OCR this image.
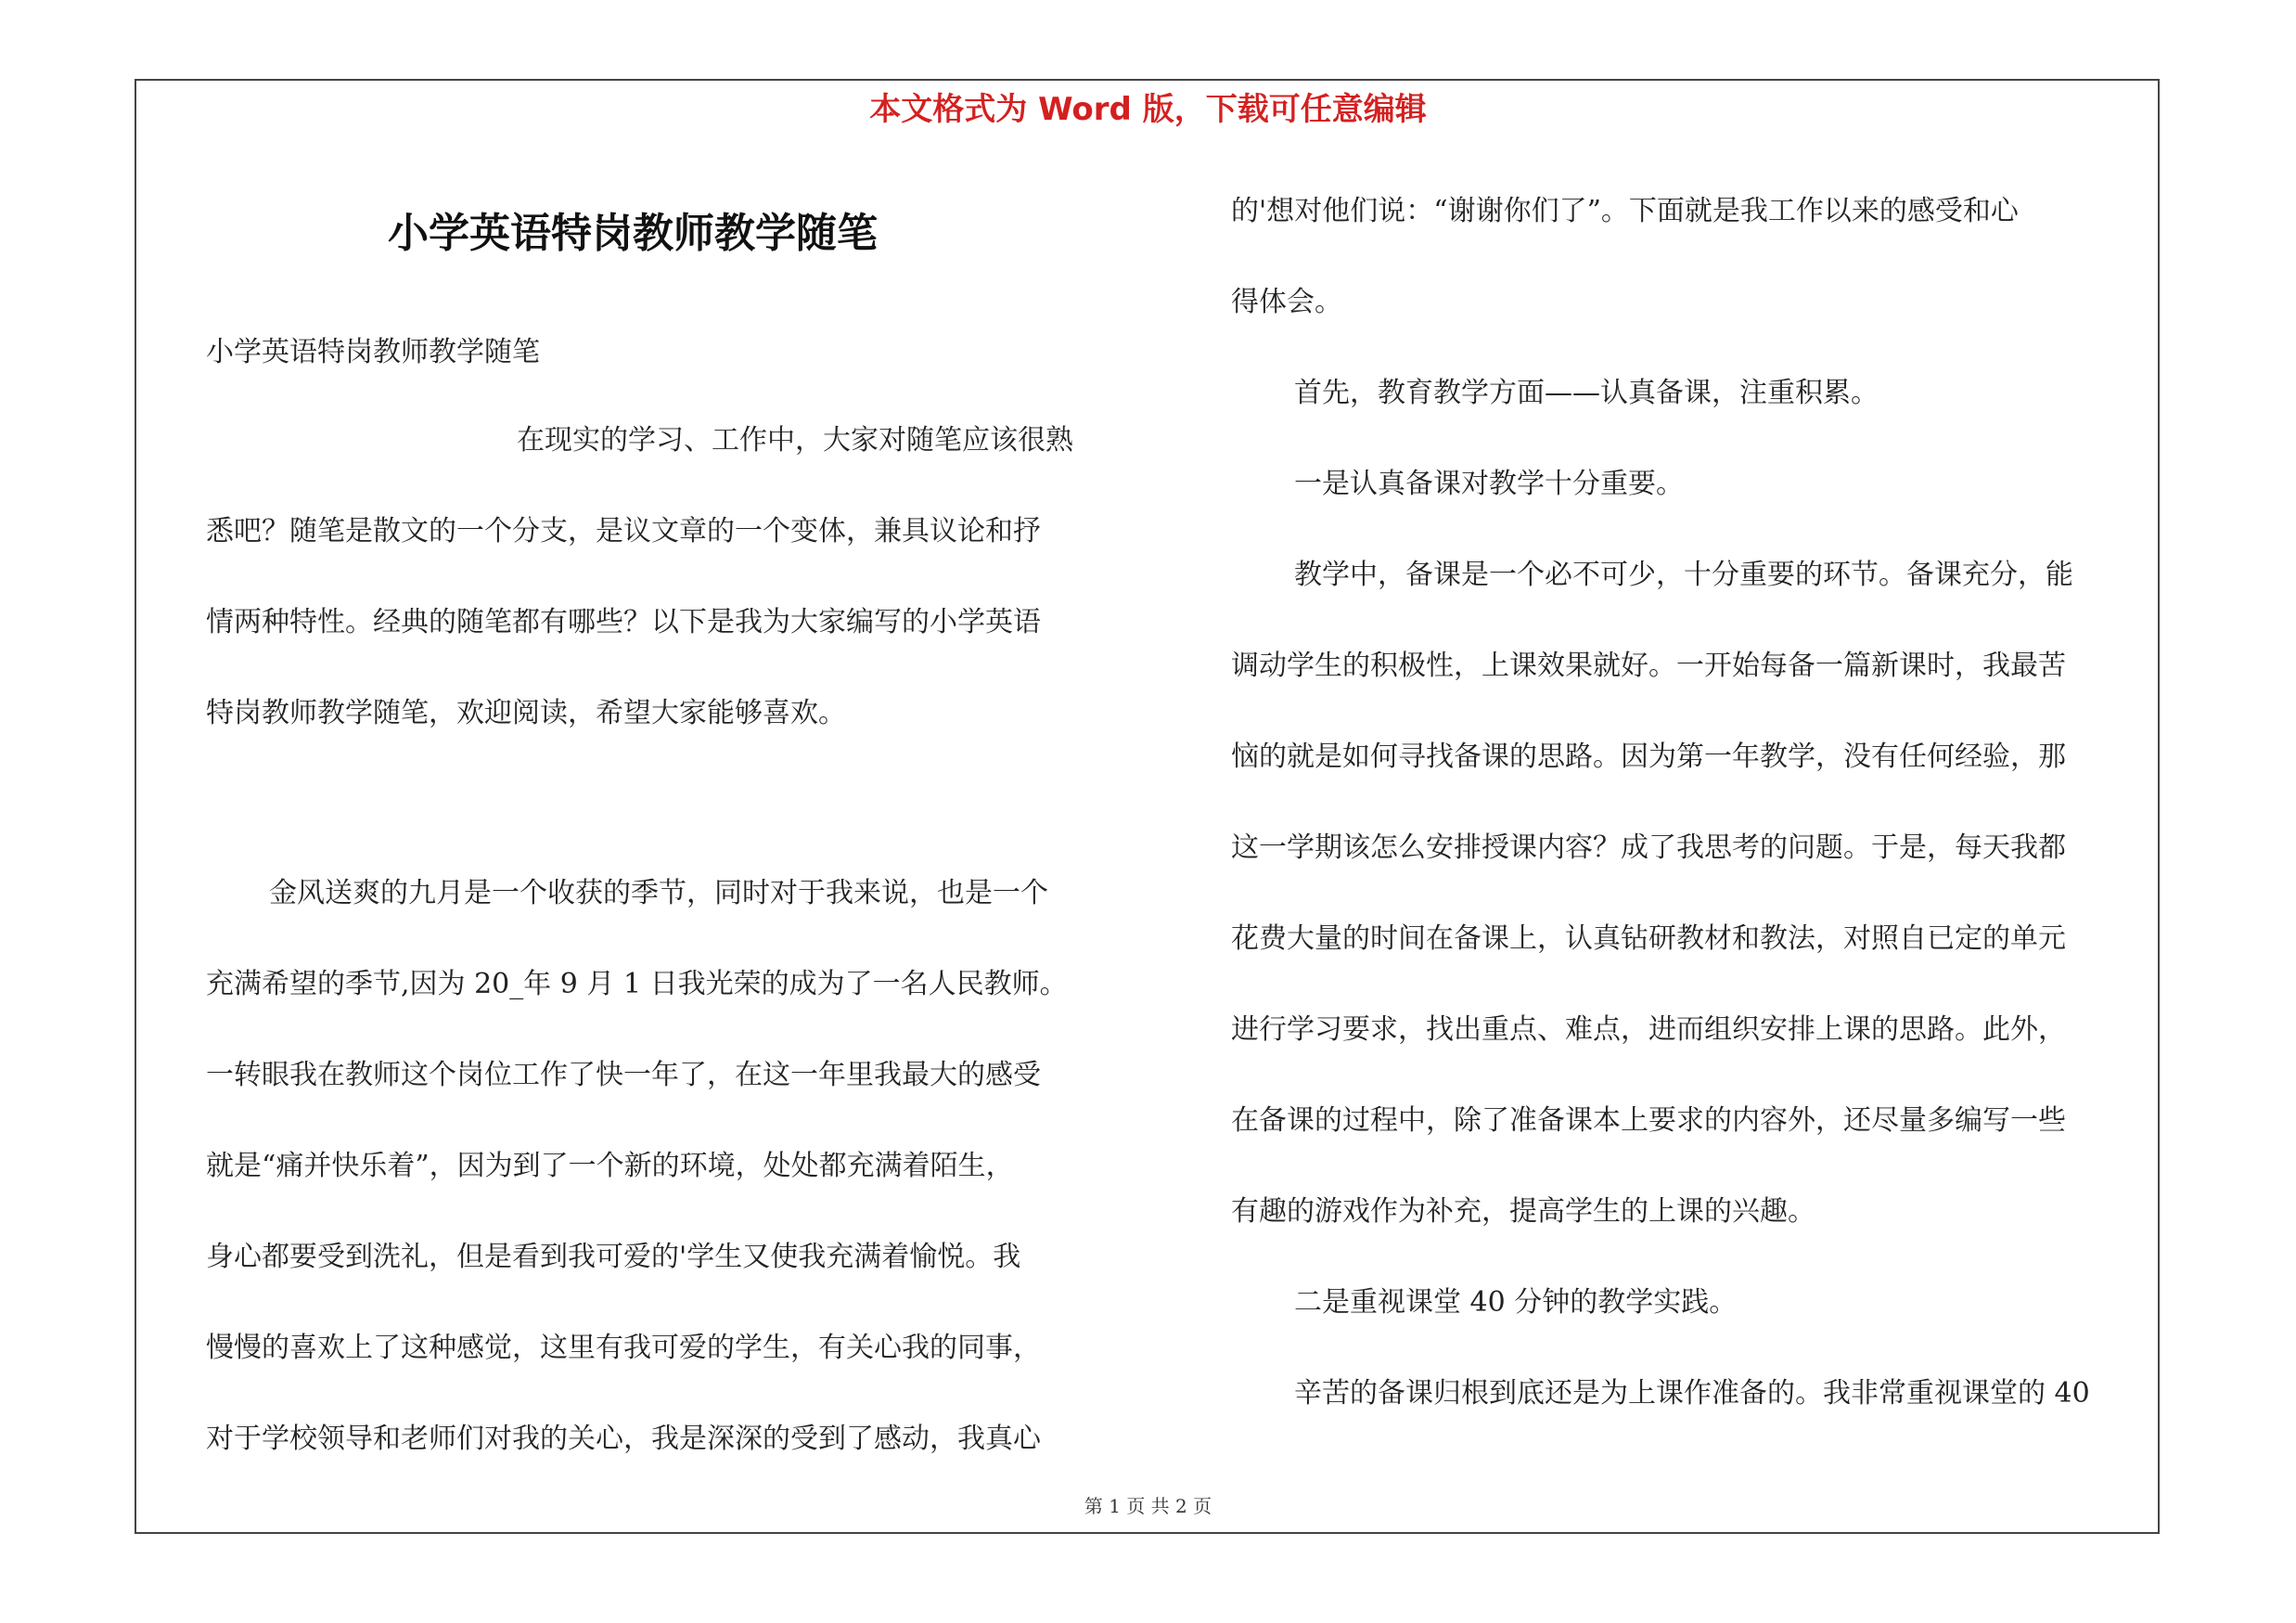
本文格式为 Word 版，下载可任意编辑
小学英语特岗教师教学随笔
小学英语特岗教师教学随笔
在现实的学习、工作中，大家对随笔应该很熟
悉吧？随笔是散文的一个分支，是议文章的一个变体，兼具议论和抒
情两种特性。经典的随笔都有哪些？以下是我为大家编写的小学英语
特岗教师教学随笔，欢迎阅读，希望大家能够喜欢。
金风送爽的九月是一个收获的季节，同时对于我来说，也是一个
充满希望的季节,因为 20_年 9 月 1 日我光荣的成为了一名人民教师。
一转眼我在教师这个岗位工作了快一年了，在这一年里我最大的感受
就是“痛并快乐着”，因为到了一个新的环境，处处都充满着陌生，
身心都要受到洗礼，但是看到我可爱的'学生又使我充满着愉悦。我
慢慢的喜欢上了这种感觉，这里有我可爱的学生，有关心我的同事，
对于学校领导和老师们对我的关心，我是深深的受到了感动，我真心
的'想对他们说：“谢谢你们了”。下面就是我工作以来的感受和心
得体会。
首先，教育教学方面——认真备课，注重积累。
一是认真备课对教学十分重要。
教学中，备课是一个必不可少，十分重要的环节。备课充分，能
调动学生的积极性，上课效果就好。一开始每备一篇新课时，我最苦
恼的就是如何寻找备课的思路。因为第一年教学，没有任何经验，那
这一学期该怎么安排授课内容？成了我思考的问题。于是，每天我都
花费大量的时间在备课上，认真钻研教材和教法，对照自已定的单元
进行学习要求，找出重点、难点，进而组织安排上课的思路。此外，
在备课的过程中，除了准备课本上要求的内容外，还尽量多编写一些
有趣的游戏作为补充，提高学生的上课的兴趣。
二是重视课堂 40 分钟的教学实践。
辛苦的备课归根到底还是为上课作准备的。我非常重视课堂的 40
第 1 页 共 2 页
